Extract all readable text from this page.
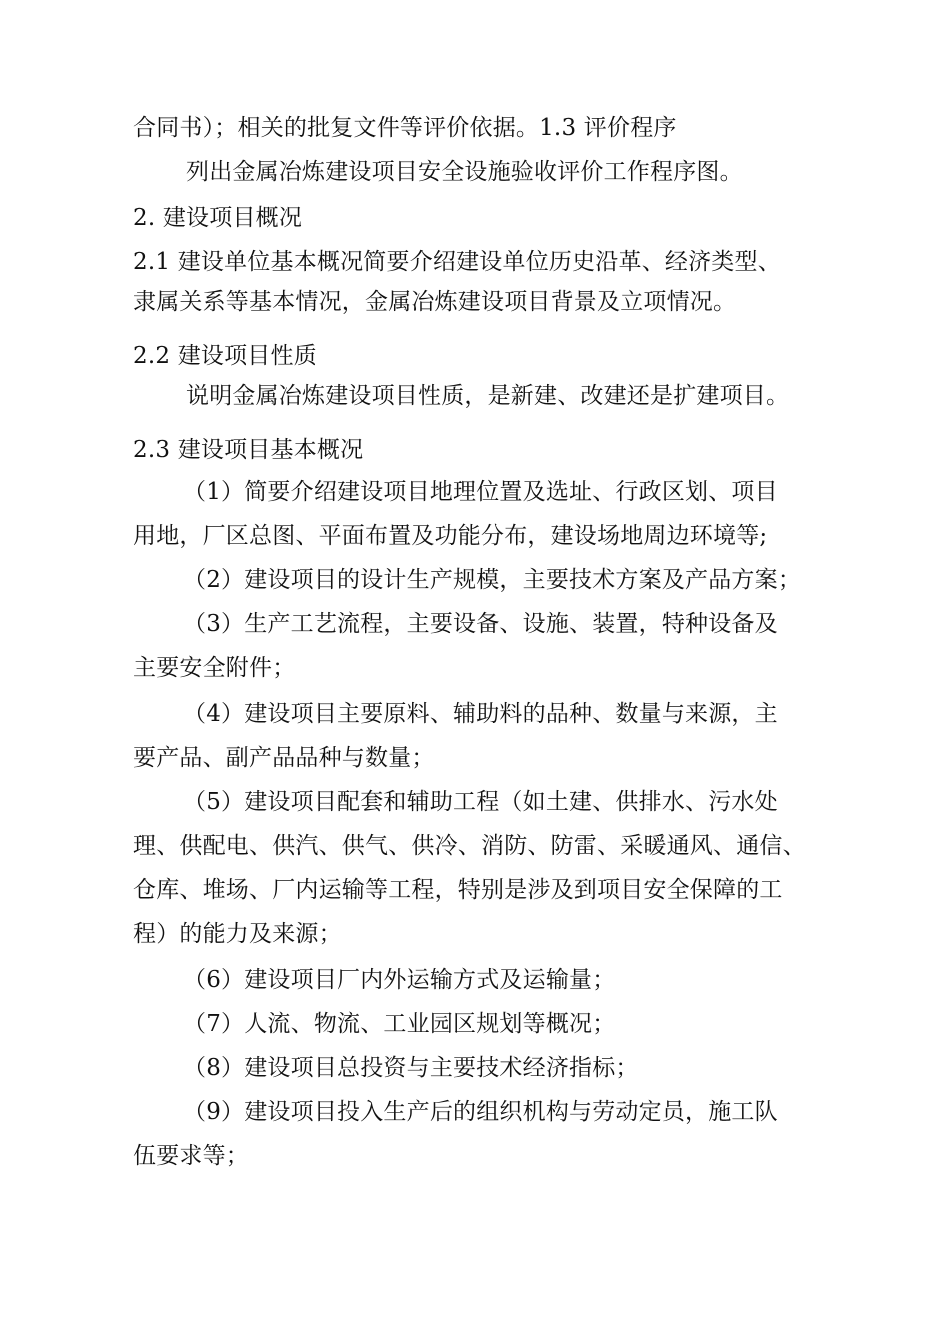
合同书）；相关的批复文件等评价依据。1.3 评价程序
列出金属冶炼建设项目安全设施验收评价工作程序图。
2. 建设项目概况
2.1 建设单位基本概况简要介绍建设单位历史沿革、经济类型、
隶属关系等基本情况，金属冶炼建设项目背景及立项情况。
2.2 建设项目性质
说明金属冶炼建设项目性质，是新建、改建还是扩建项目。
2.3 建设项目基本概况
（1）简要介绍建设项目地理位置及选址、行政区划、项目
用地，厂区总图、平面布置及功能分布，建设场地周边环境等;
（2）建设项目的设计生产规模，主要技术方案及产品方案；
（3）生产工艺流程，主要设备、设施、装置，特种设备及
主要安全附件；
（4）建设项目主要原料、辅助料的品种、数量与来源，主
要产品、副产品品种与数量；
（5）建设项目配套和辅助工程（如土建、供排水、污水处
理、供配电、供汽、供气、供冷、消防、防雷、采暖通风、通信、
仓库、堆场、厂内运输等工程，特别是涉及到项目安全保障的工
程）的能力及来源；
（6）建设项目厂内外运输方式及运输量；
（7）人流、物流、工业园区规划等概况；
（8）建设项目总投资与主要技术经济指标；
（9）建设项目投入生产后的组织机构与劳动定员，施工队
伍要求等；
